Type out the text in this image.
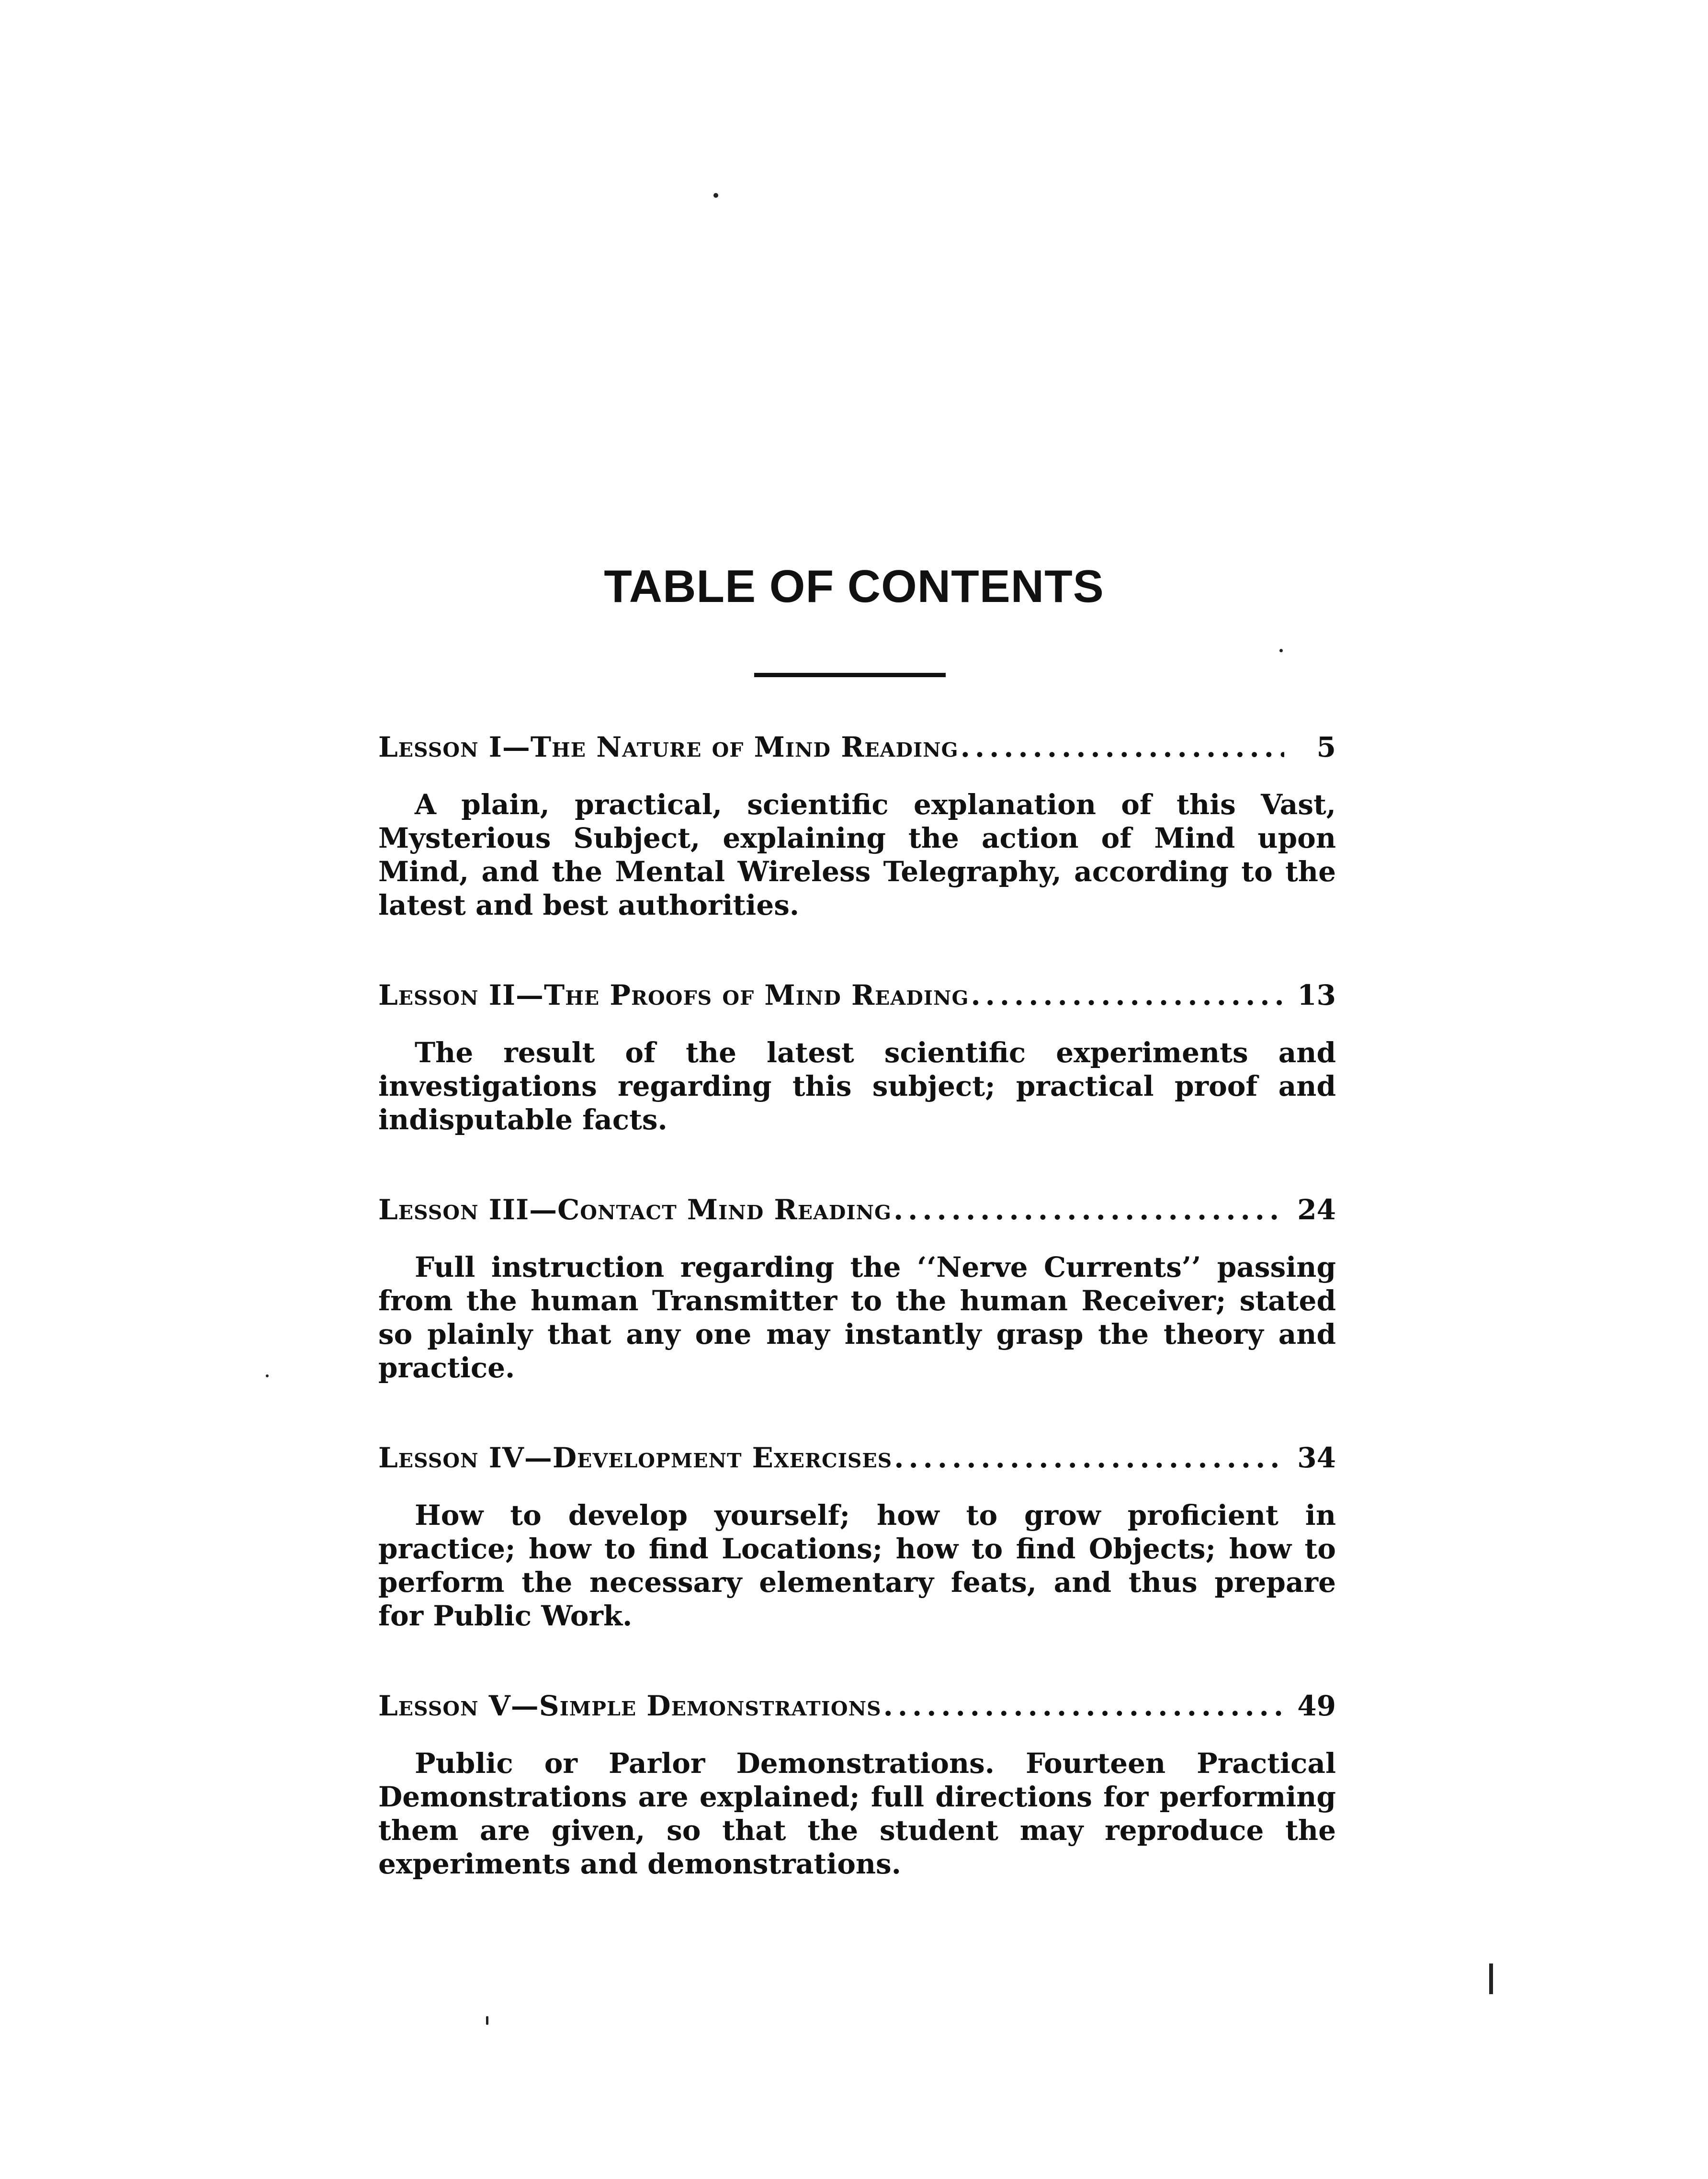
TABLE OF CONTENTS
Lesson I—The Nature of Mind Reading .....	5
A plain, practical, scientific explanation of this Vast, Mysterious Subject, explaining the action of Mind upon Mind, and the Mental Wireless Telegraphy, according to the latest and best authorities.
Lesson II—The Proofs of Mind Reading .....	13
The result of the latest scientific experiments and investigations regarding this subject; practical proof and indisputable facts.
Lesson III—Contact Mind Reading .....	24
Full instruction regarding the ‘‘Nerve Currents’’ passing from the human Transmitter to the human Receiver; stated so plainly that any one may instantly grasp the theory and practice.
Lesson IV—Development Exercises .....	34
How to develop yourself; how to grow proficient in practice; how to find Locations; how to find Objects; how to perform the necessary elementary feats, and thus prepare for Public Work.
Lesson V—Simple Demonstrations .....	49
Public or Parlor Demonstrations. Fourteen Practical Demonstrations are explained; full directions for performing them are given, so that the student may reproduce the experiments and demonstrations.
